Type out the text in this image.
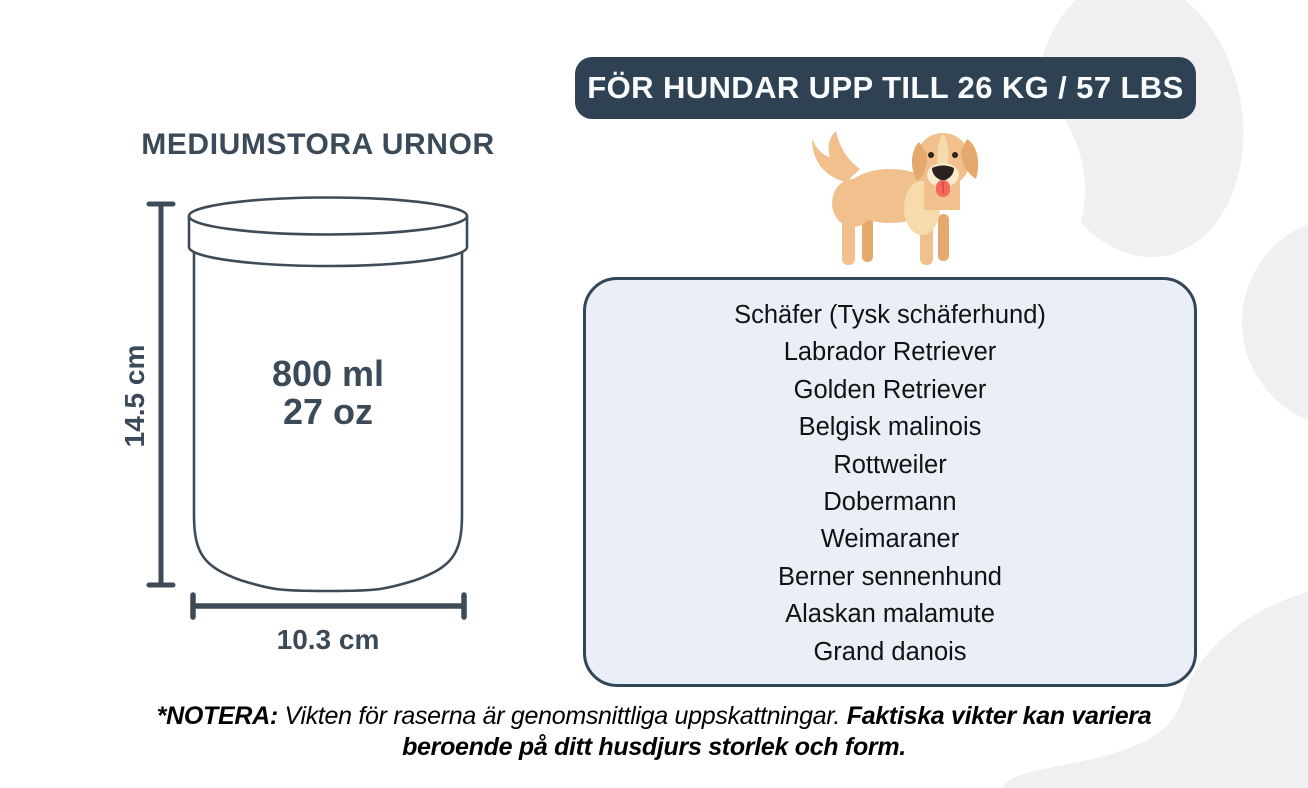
FÖR HUNDAR UPP TILL 26 KG / 57 LBS
MEDIUMSTORA URNOR
800 ml
27 oz
14.5 cm
10.3 cm
Schäfer (Tysk schäferhund)
Labrador Retriever
Golden Retriever
Belgisk malinois
Rottweiler
Dobermann
Weimaraner
Berner sennenhund
Alaskan malamute
Grand danois
*NOTERA: Vikten för raserna är genomsnittliga uppskattningar. Faktiska vikter kan variera
beroende på ditt husdjurs storlek och form.
